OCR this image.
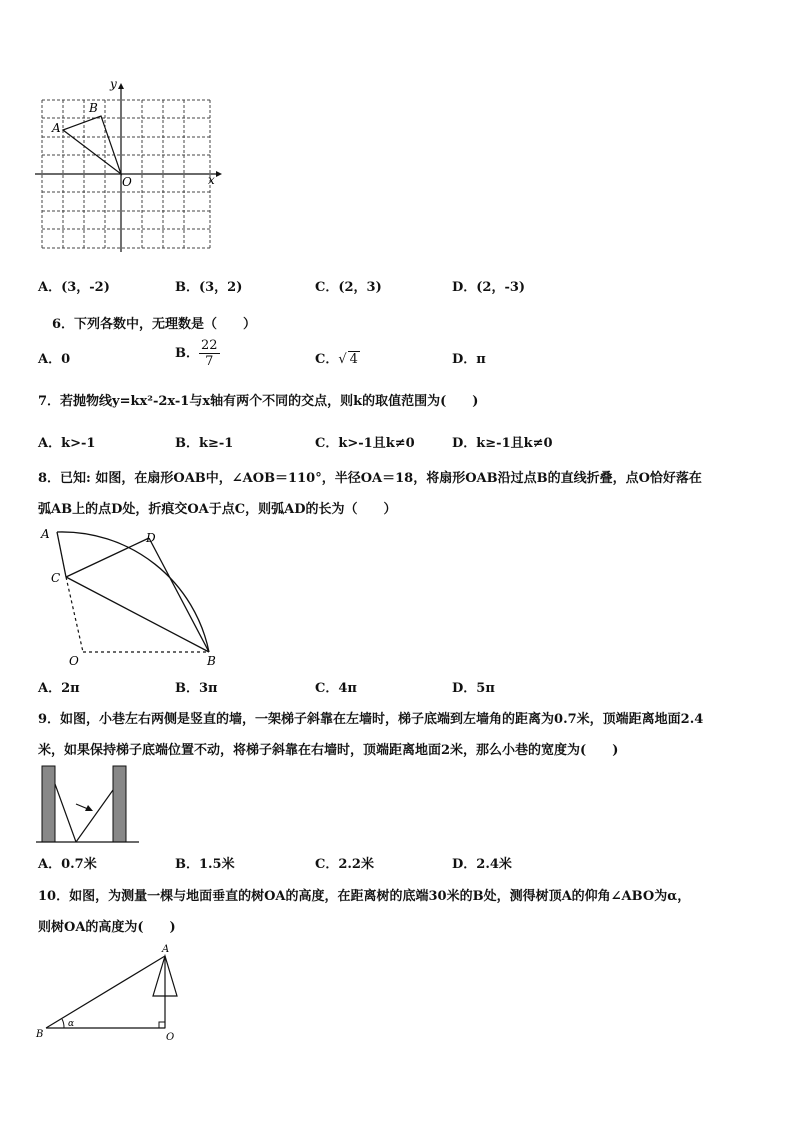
y
x
O
A
B
A．(3，-2)	B．(3，2)	C．(2，3)	D．(2，-3)
6．下列各数中，无理数是（　　）
A．0	B． $\frac{22}{7}$	C．√ 4	D．π
7．若抛物线y=kx²-2x-1与x轴有两个不同的交点，则k的取值范围为(　　)
A．k>-1	B．k≥-1	C．k>-1且k≠0	D．k≥-1且k≠0
8．已知: 如图，在扇形OAB中，∠AOB＝110°，半径OA＝18，将扇形OAB沿过点B的直线折叠，点O恰好落在
弧AB上的点D处，折痕交OA于点C，则弧AD的长为（　　）
A	D
C
O	B
A．2π	B．3π	C．4π	D．5π
9．如图，小巷左右两侧是竖直的墙，一架梯子斜靠在左墙时，梯子底端到左墙角的距离为0.7米，顶端距离地面2.4
米，如果保持梯子底端位置不动，将梯子斜靠在右墙时，顶端距离地面2米，那么小巷的宽度为(　　)
A．0.7米	B．1.5米	C．2.2米	D．2.4米
10．如图，为测量一棵与地面垂直的树OA的高度，在距离树的底端30米的B处，测得树顶A的仰角∠ABO为α，
则树OA的高度为(　　)
A
B	O
α
